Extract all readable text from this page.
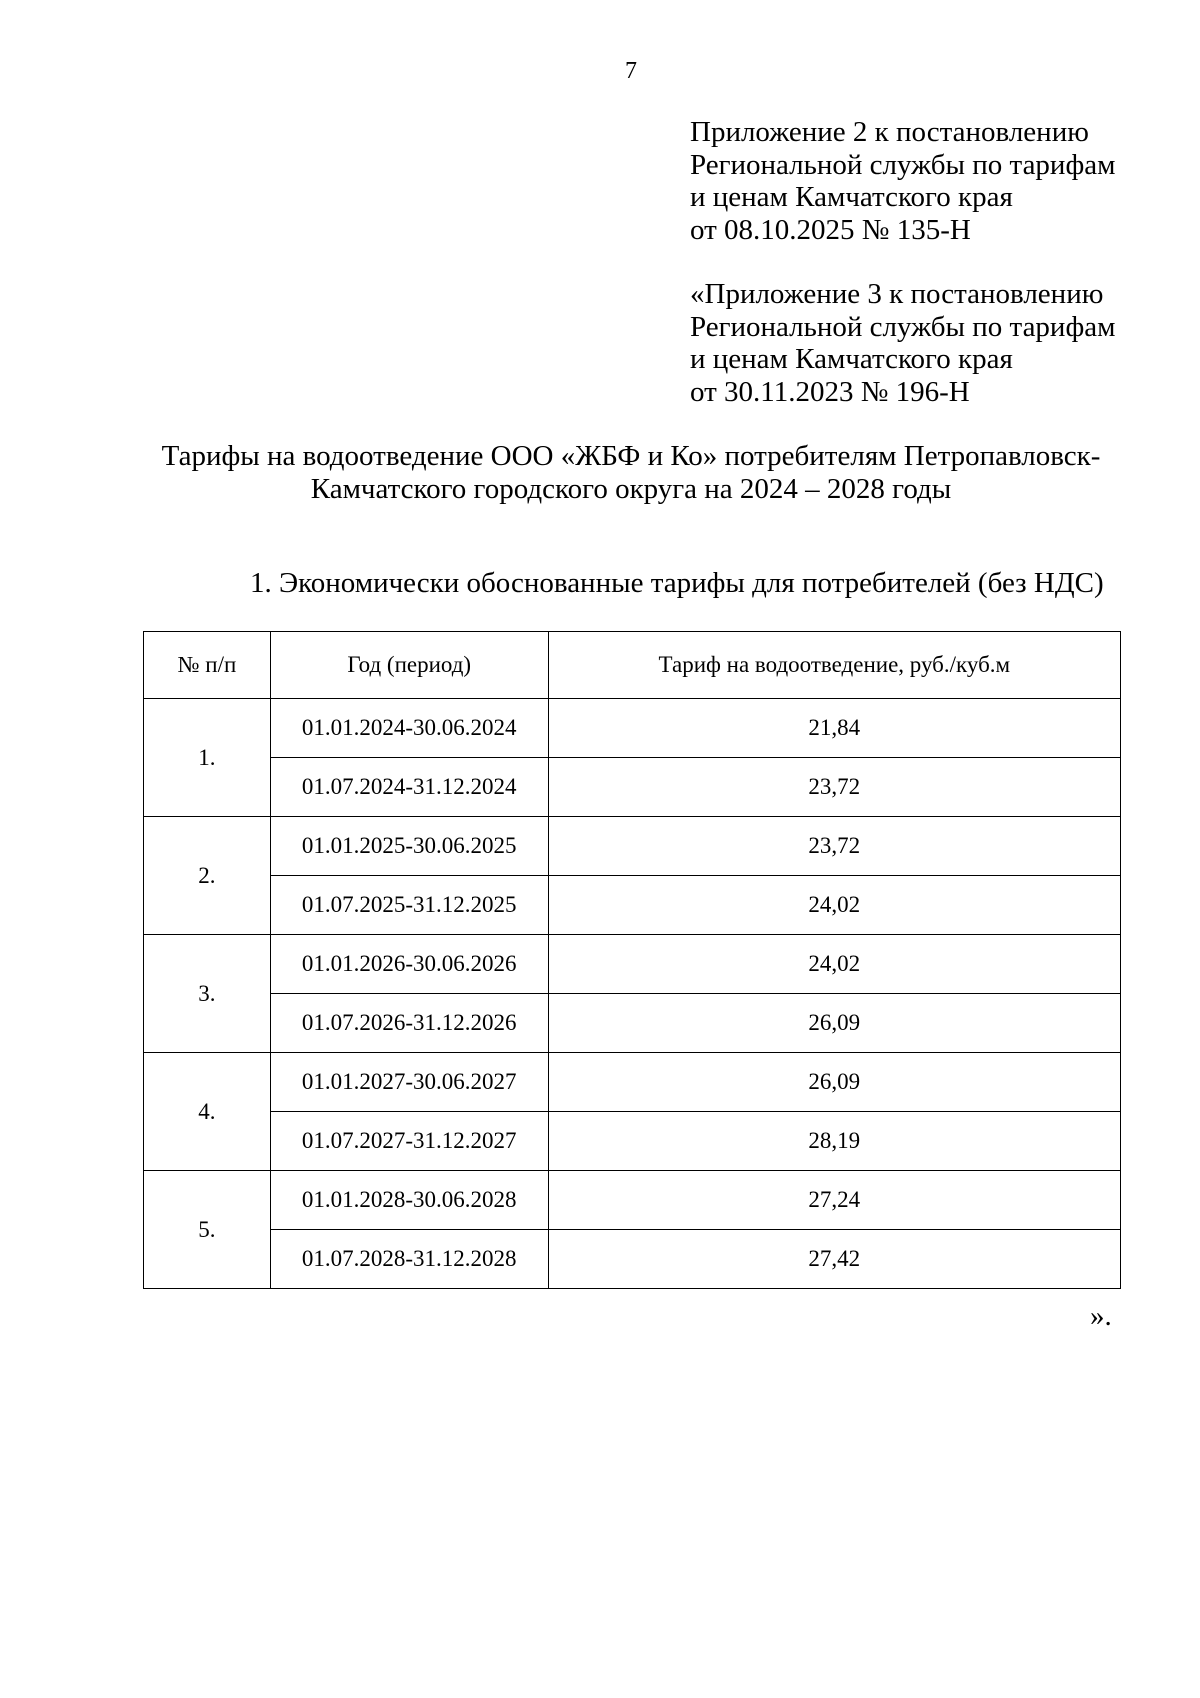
7
Приложение 2 к постановлению
Региональной службы по тарифам
и ценам Камчатского края
от 08.10.2025 № 135-Н
«Приложение 3 к постановлению
Региональной службы по тарифам
и ценам Камчатского края
от 30.11.2023 № 196-Н
Тарифы на водоотведение ООО «ЖБФ и Ко» потребителям Петропавловск-
Камчатского городского округа на 2024 – 2028 годы
1. Экономически обоснованные тарифы для потребителей (без НДС)
№ п/п	Год (период)	Тариф на водоотведение, руб./куб.м
1.	01.01.2024-30.06.2024	21,84
	01.07.2024-31.12.2024	23,72
2.	01.01.2025-30.06.2025	23,72
	01.07.2025-31.12.2025	24,02
3.	01.01.2026-30.06.2026	24,02
	01.07.2026-31.12.2026	26,09
4.	01.01.2027-30.06.2027	26,09
	01.07.2027-31.12.2027	28,19
5.	01.01.2028-30.06.2028	27,24
	01.07.2028-31.12.2028	27,42
».
